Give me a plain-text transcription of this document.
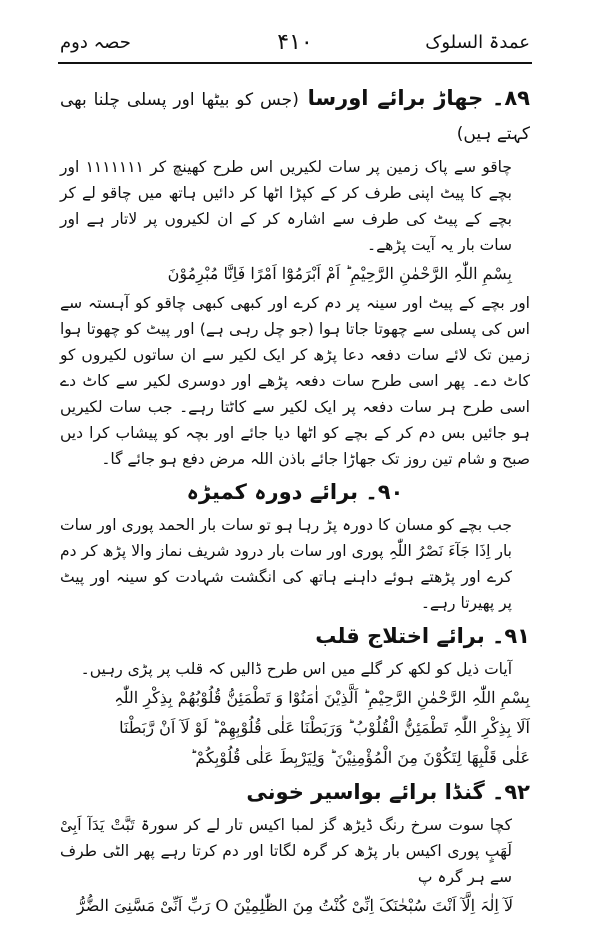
عمدۃ السلوک
۴۱۰
حصہ دوم

۸۹۔ جھاڑ برائے اورسا (جس کو بیٹھا اور پسلی چلنا بھی کہتے ہیں)

چاقو سے پاک زمین پر سات لکیریں اس طرح کھینچ کر ۱۱۱۱۱۱۱ اور بچے کا پیٹ اپنی طرف کر کے کپڑا اٹھا کر دائیں ہاتھ میں چاقو لے کر بچے کے پیٹ کی طرف سے اشارہ کر کے ان لکیروں پر لاتار ہے اور سات بار یہ آیت پڑھے۔

بِسْمِ اللّٰہِ الرَّحْمٰنِ الرَّحِیْمِ ؕ اَمْ اَبْرَمُوْٓا اَمْرًا فَاِنَّا مُبْرِمُوْنَ

اور بچے کے پیٹ اور سینہ پر دم کرے اور کبھی کبھی چاقو کو آہستہ سے اس کی پسلی سے چھوتا جاتا ہوا (جو چل رہی ہے) اور پیٹ کو چھوتا ہوا زمین تک لائے سات دفعہ دعا پڑھ کر ایک لکیر سے ان ساتوں لکیروں کو کاٹ دے۔ پھر اسی طرح سات دفعہ پڑھے اور دوسری لکیر سے کاٹ دے اسی طرح ہر سات دفعہ پر ایک لکیر سے کاٹتا رہے۔ جب سات لکیریں ہو جائیں بس دم کر کے بچے کو اٹھا دیا جائے اور بچہ کو پیشاب کرا دیں صبح و شام تین روز تک جھاڑا جائے باذن اللہ مرض دفع ہو جائے گا۔

۹۰۔ برائے دورہ کمیڑہ

جب بچے کو مسان کا دورہ پڑ رہا ہو تو سات بار الحمد پوری اور سات بار اِذَا جَآءَ نَصْرُ اللّٰہِ پوری اور سات بار درود شریف نماز والا پڑھ کر دم کرے اور پڑھتے ہوئے داہنے ہاتھ کی انگشت شہادت کو سینہ اور پیٹ پر پھیرتا رہے۔

۹۱۔ برائے اختلاج قلب

آیات ذیل کو لکھ کر گلے میں اس طرح ڈالیں کہ قلب پر پڑی رہیں۔

بِسْمِ اللّٰہِ الرَّحْمٰنِ الرَّحِیْمِ ؕ اَلَّذِیْنَ اٰمَنُوْا وَ تَطْمَئِنُّ قُلُوْبُھُمْ بِذِکْرِ اللّٰہِ

اَلَا بِذِکْرِ اللّٰہِ تَطْمَئِنُّ الْقُلُوْبُ ؕ وَرَبَطْنَا عَلٰی قُلُوْبِھِمْ ؕ لَوْ لَآ اَنْ رَّبَطْنَا

عَلٰی قَلْبِھَا لِتَکُوْنَ مِنَ الْمُؤْمِنِیْنَ ؕ وَلِیَرْبِطَ عَلٰی قُلُوْبِکُمْ ؕ

۹۲۔ گنڈا برائے بواسیر خونی

کچا سوت سرخ رنگ ڈیڑھ گز لمبا اکیس تار لے کر سورۃ تَبَّتْ یَدَآ اَبِیْ لَھَبٍ پوری اکیس بار پڑھ کر گرہ لگاتا اور دم کرتا رہے پھر الٹی طرف سے ہر گرہ پ

لَآ اِلٰہَ اِلَّآ اَنْتَ سُبْحٰنَکَ اِنِّیْ کُنْتُ مِنَ الظّٰلِمِیْنَ O رَبِّ اَنِّیْ مَسَّنِیَ الضُّرُّ
